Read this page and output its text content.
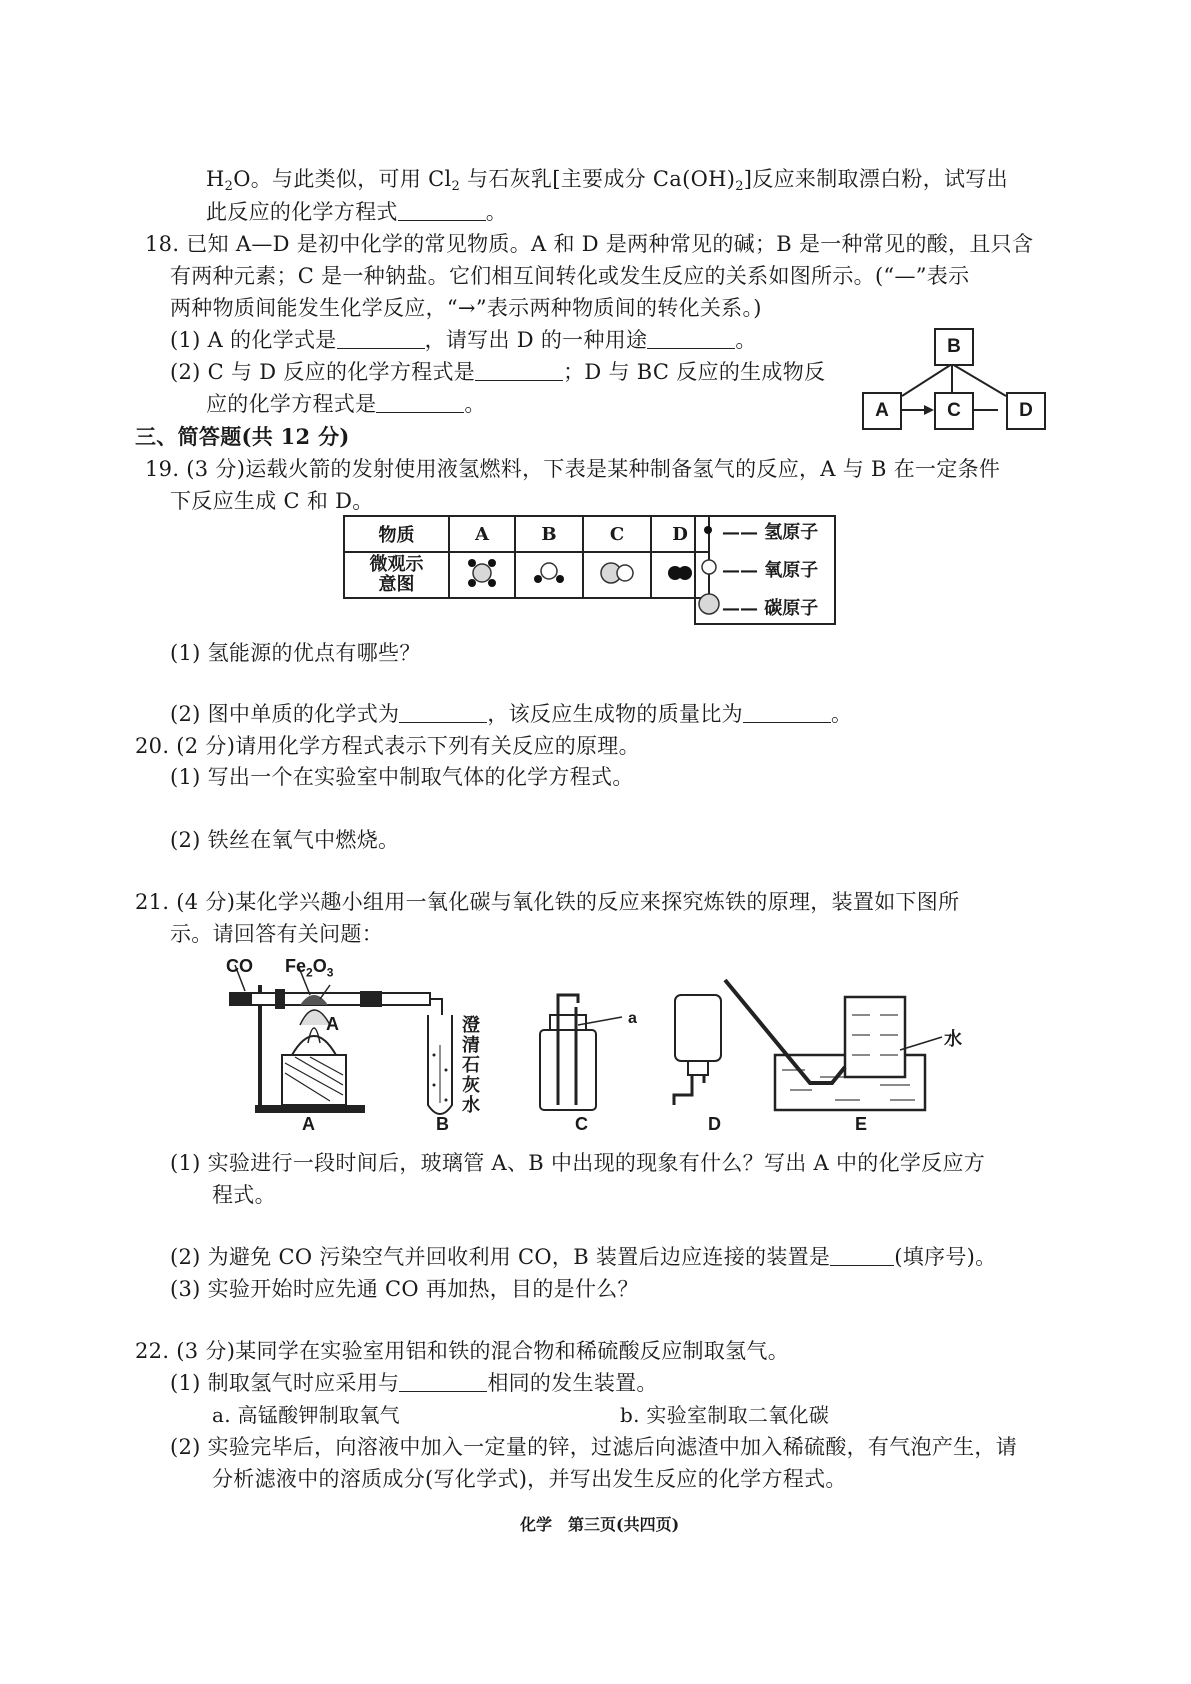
$H_2O$。与此类似，可用 $Cl_2$ 与石灰乳[主要成分 $Ca(OH)_2$]反应来制取漂白粉，试写出
此反应的化学方程式	。
18. 已知 A—D 是初中化学的常见物质。A 和 D 是两种常见的碱；B 是一种常见的酸，且只含
有两种元素；C 是一种钠盐。它们相互间转化或发生反应的关系如图所示。(“—”表示
两种物质间能发生化学反应，“→”表示两种物质间的转化关系。)
(1) A 的化学式是	，请写出 D 的一种用途	。
(2) C 与 D 反应的化学方程式是	；D 与 BC 反应的生成物反
应的化学方程式是	。
B
A	C	D
三、简答题(共 12 分)
19. (3 分)运载火箭的发射使用液氢燃料，下表是某种制备氢气的反应，A 与 B 在一定条件
下反应生成 C 和 D。
物质	A	B	C	D
微观示
意图				
—— 氢原子
—— 氧原子
—— 碳原子
(1) 氢能源的优点有哪些？
(2) 图中单质的化学式为	，该反应生成物的质量比为	。
20. (2 分)请用化学方程式表示下列有关反应的原理。
(1) 写出一个在实验室中制取气体的化学方程式。
(2) 铁丝在氧气中燃烧。
21. (4 分)某化学兴趣小组用一氧化碳与氧化铁的反应来探究炼铁的原理，装置如下图所
示。请回答有关问题：
CO $Fe_2O_3$
A	澄
清
石
灰
水
a
水
A	B	C	D	E
(1) 实验进行一段时间后，玻璃管 A、B 中出现的现象有什么？写出 A 中的化学反应方
程式。
(2) 为避免 CO 污染空气并回收利用 CO，B 装置后边应连接的装置是	(填序号)。
(3) 实验开始时应先通 CO 再加热，目的是什么？
22. (3 分)某同学在实验室用铝和铁的混合物和稀硫酸反应制取氢气。
(1) 制取氢气时应采用与	相同的发生装置。
a. 高锰酸钾制取氧气	b. 实验室制取二氧化碳
(2) 实验完毕后，向溶液中加入一定量的锌，过滤后向滤渣中加入稀硫酸，有气泡产生，请
分析滤液中的溶质成分(写化学式)，并写出发生反应的化学方程式。
化学　第三页(共四页)
